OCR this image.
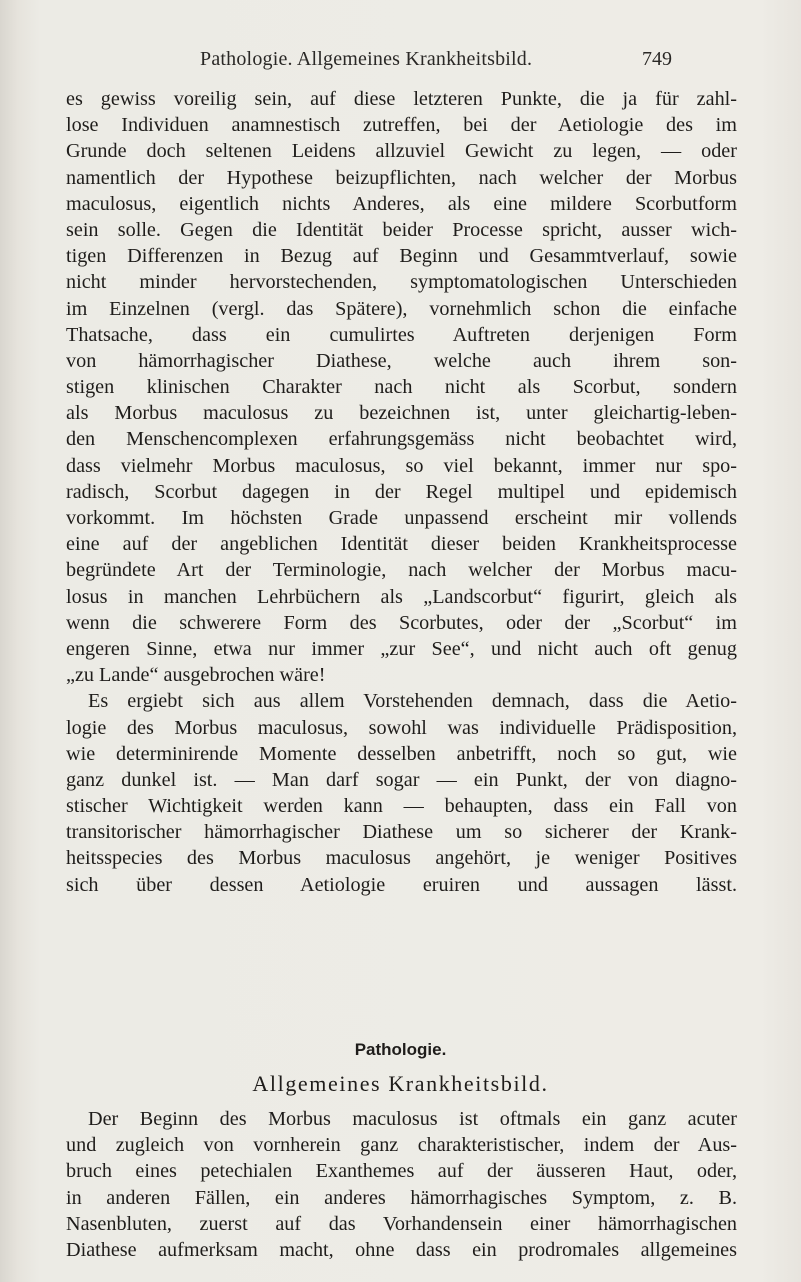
Pathologie. Allgemeines Krankheitsbild.	749
es gewiss voreilig sein, auf diese letzteren Punkte, die ja für zahl-
lose Individuen anamnestisch zutreffen, bei der Aetiologie des im
Grunde doch seltenen Leidens allzuviel Gewicht zu legen, — oder
namentlich der Hypothese beizupflichten, nach welcher der Morbus
maculosus, eigentlich nichts Anderes, als eine mildere Scorbutform
sein solle. Gegen die Identität beider Processe spricht, ausser wich-
tigen Differenzen in Bezug auf Beginn und Gesammtverlauf, sowie
nicht minder hervorstechenden, symptomatologischen Unterschieden
im Einzelnen (vergl. das Spätere), vornehmlich schon die einfache
Thatsache, dass ein cumulirtes Auftreten derjenigen Form
von hämorrhagischer Diathese, welche auch ihrem son-
stigen klinischen Charakter nach nicht als Scorbut, sondern
als Morbus maculosus zu bezeichnen ist, unter gleichartig-leben-
den Menschencomplexen erfahrungsgemäss nicht beobachtet wird,
dass vielmehr Morbus maculosus, so viel bekannt, immer nur spo-
radisch, Scorbut dagegen in der Regel multipel und epidemisch
vorkommt. Im höchsten Grade unpassend erscheint mir vollends
eine auf der angeblichen Identität dieser beiden Krankheitsprocesse
begründete Art der Terminologie, nach welcher der Morbus macu-
losus in manchen Lehrbüchern als „Landscorbut“ figurirt, gleich als
wenn die schwerere Form des Scorbutes, oder der „Scorbut“ im
engeren Sinne, etwa nur immer „zur See“, und nicht auch oft genug
„zu Lande“ ausgebrochen wäre!
Es ergiebt sich aus allem Vorstehenden demnach, dass die Aetio-
logie des Morbus maculosus, sowohl was individuelle Prädisposition,
wie determinirende Momente desselben anbetrifft, noch so gut, wie
ganz dunkel ist. — Man darf sogar — ein Punkt, der von diagno-
stischer Wichtigkeit werden kann — behaupten, dass ein Fall von
transitorischer hämorrhagischer Diathese um so sicherer der Krank-
heitsspecies des Morbus maculosus angehört, je weniger Positives
sich über dessen Aetiologie eruiren und aussagen lässt.
Pathologie.
Allgemeines Krankheitsbild.
Der Beginn des Morbus maculosus ist oftmals ein ganz acuter
und zugleich von vornherein ganz charakteristischer, indem der Aus-
bruch eines petechialen Exanthemes auf der äusseren Haut, oder,
in anderen Fällen, ein anderes hämorrhagisches Symptom, z. B.
Nasenbluten, zuerst auf das Vorhandensein einer hämorrhagischen
Diathese aufmerksam macht, ohne dass ein prodromales allgemeines
